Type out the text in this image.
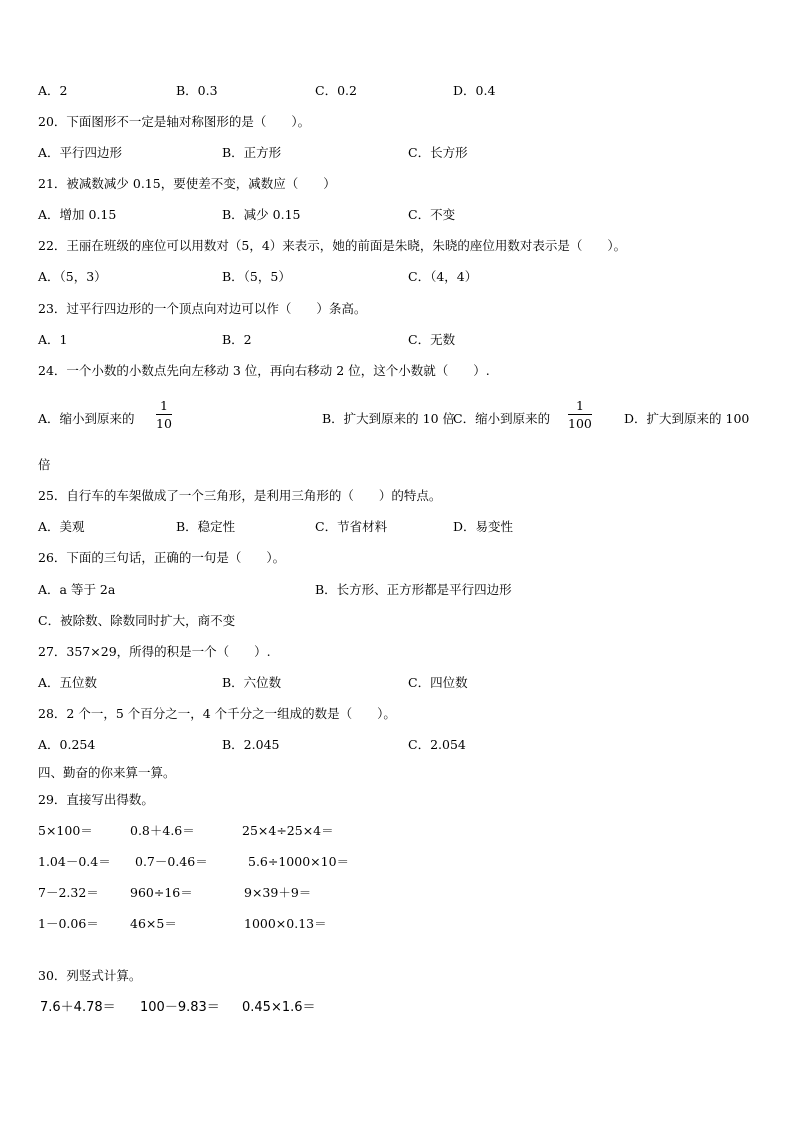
A．2	B．0.3	C．0.2	D．0.4
20．下面图形不一定是轴对称图形的是（　　）。
A．平行四边形	B．正方形	C．长方形
21．被减数减少 0.15，要使差不变，减数应（　　）
A．增加 0.15	B．减少 0.15	C．不变
22．王丽在班级的座位可以用数对（5，4）来表示，她的前面是朱晓，朱晓的座位用数对表示是（　　）。
A．（5，3）	B．（5，5）	C．（4，4）
23．过平行四边形的一个顶点向对边可以作（　　）条高。
A．1	B．2	C．无数
24．一个小数的小数点先向左移动 3 位，再向右移动 2 位，这个小数就（　　）.
A．缩小到原来的	B．扩大到原来的 10 倍
C．缩小到原来的	D．扩大到原来的 100
$\frac{1}{10}$	$\frac{1}{100}$
倍
25．自行车的车架做成了一个三角形，是利用三角形的（　　）的特点。
A．美观	B．稳定性	C．节省材料	D．易变性
26．下面的三句话，正确的一句是（　　）。
A．a 等于 2a	B．长方形、正方形都是平行四边形
C．被除数、除数同时扩大，商不变
27．357×29，所得的积是一个（　　）.
A．五位数	B．六位数	C．四位数
28．2 个一，5 个百分之一，4 个千分之一组成的数是（　　）。
A．0.254	B．2.045	C．2.054
四、勤奋的你来算一算。
29．直接写出得数。
5×100＝	0.8＋4.6＝	25×4÷25×4＝
1.04－0.4＝ 0.7－0.46＝	5.6÷1000×10＝
7－2.32＝ 960÷16＝	9×39＋9＝
1－0.06＝ 46×5＝	1000×0.13＝
30．列竖式计算。
7.6＋4.78＝ 100－9.83＝ 0.45×1.6＝
